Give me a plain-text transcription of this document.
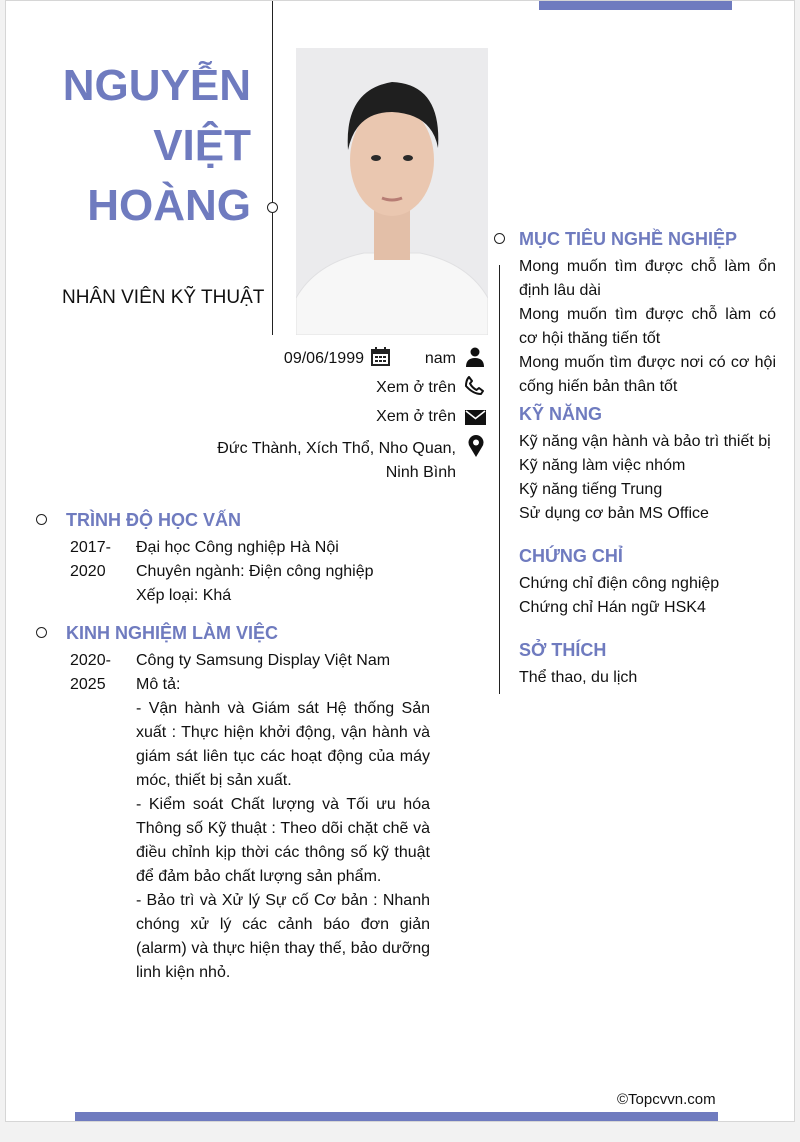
NGUYỄN
VIỆT
HOÀNG
NHÂN VIÊN KỸ THUẬT
09/06/1999	nam
Xem ở trên
Xem ở trên
Đức Thành, Xích Thổ, Nho Quan,
Ninh Bình
TRÌNH ĐỘ HỌC VẤN
2017-
2020
Đại học Công nghiệp Hà Nội
Chuyên ngành: Điện công nghiệp
Xếp loại: Khá
KINH NGHIỆM LÀM VIỆC
2020-
2025
Công ty Samsung Display Việt Nam
Mô tả:
- Vận hành và Giám sát Hệ thống Sản xuất : Thực hiện khởi động, vận hành và giám sát liên tục các hoạt động của máy móc, thiết bị sản xuất.
- Kiểm soát Chất lượng và Tối ưu hóa Thông số Kỹ thuật : Theo dõi chặt chẽ và điều chỉnh kịp thời các thông số kỹ thuật để đảm bảo chất lượng sản phẩm.
- Bảo trì và Xử lý Sự cố Cơ bản : Nhanh chóng xử lý các cảnh báo đơn giản (alarm) và thực hiện thay thế, bảo dưỡng linh kiện nhỏ.
MỤC TIÊU NGHỀ NGHIỆP
Mong muốn tìm được chỗ làm ổn định lâu dài
Mong muốn tìm được chỗ làm có cơ hội thăng tiến tốt
Mong muốn tìm được nơi có cơ hội cống hiến bản thân tốt
KỸ NĂNG
Kỹ năng vận hành và bảo trì thiết bị
Kỹ năng làm việc nhóm
Kỹ năng tiếng Trung
Sử dụng cơ bản MS Office
CHỨNG CHỈ
Chứng chỉ điện công nghiệp
Chứng chỉ Hán ngữ HSK4
SỞ THÍCH
Thể thao, du lịch
©Topcvvn.com
